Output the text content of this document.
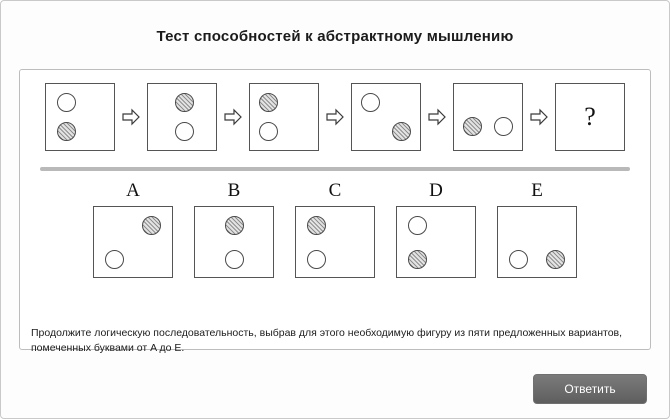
Тест способностей к абстрактному мышлению
?
A	B	C	D	E
Продолжите логическую последовательность, выбрав для этого необходимую фигуру из пяти предложенных вариантов, помеченных буквами от A до E.
Ответить
